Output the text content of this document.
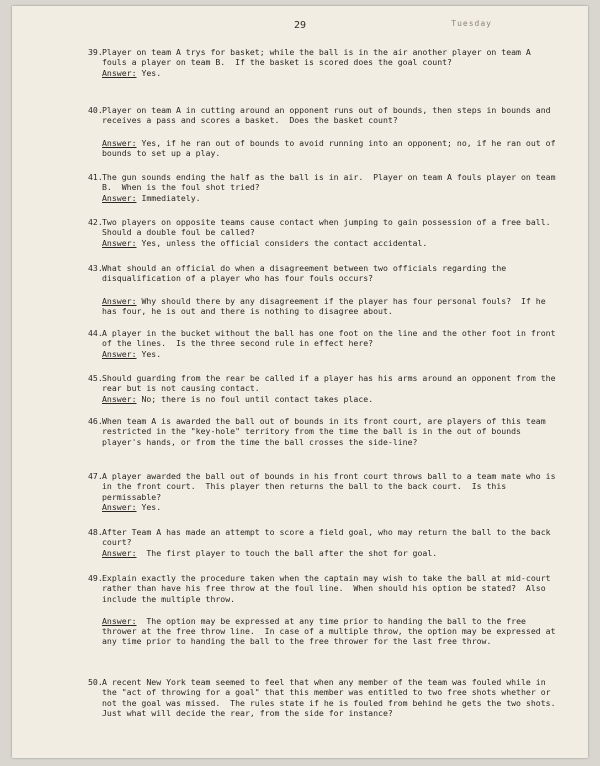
29	Tuesday
39. Player on team A trys for basket; while the ball is in the air another player on team A fouls a player on team B.  If the basket is scored does the goal count?
Answer: Yes.
40. Player on team A in cutting around an opponent runs out of bounds, then steps in bounds and receives a pass and scores a basket.  Does the basket count?
Answer: Yes, if he ran out of bounds to avoid running into an opponent; no, if he ran out of bounds to set up a play.
41. The gun sounds ending the half as the ball is in air.  Player on team A fouls player on team B.  When is the foul shot tried?
Answer: Immediately.
42. Two players on opposite teams cause contact when jumping to gain possession of a free ball.  Should a double foul be called?
Answer: Yes, unless the official considers the contact accidental.
43. What should an official do when a disagreement between two officials regarding the disqualification of a player who has four fouls occurs?
Answer: Why should there by any disagreement if the player has four personal fouls?  If he has four, he is out and there is nothing to disagree about.
44. A player in the bucket without the ball has one foot on the line and the other foot in front of the lines.  Is the three second rule in effect here?
Answer: Yes.
45. Should guarding from the rear be called if a player has his arms around an opponent from the rear but is not causing contact.
Answer: No; there is no foul until contact takes place.
46. When team A is awarded the ball out of bounds in its front court, are players of this team restricted in the "key-hole" territory from the time the ball is in the out of bounds player's hands, or from the time the ball crosses the side-line?
47. A player awarded the ball out of bounds in his front court throws ball to a team mate who is in the front court.  This player then returns the ball to the back court.  Is this permissable?
Answer: Yes.
48. After Team A has made an attempt to score a field goal, who may return the ball to the back court?
Answer:  The first player to touch the ball after the shot for goal.
49. Explain exactly the procedure taken when the captain may wish to take the ball at mid-court rather than have his free throw at the foul line.  When should his option be stated?  Also include the multiple throw.
Answer:  The option may be expressed at any time prior to handing the ball to the free thrower at the free throw line.  In case of a multiple throw, the option may be expressed at any time prior to handing the ball to the free thrower for the last free throw.
50. A recent New York team seemed to feel that when any member of the team was fouled while in the "act of throwing for a goal" that this member was entitled to two free shots whether or not the goal was missed.  The rules state if he is fouled from behind he gets the two shots.  Just what will decide the rear, from the side for instance?
